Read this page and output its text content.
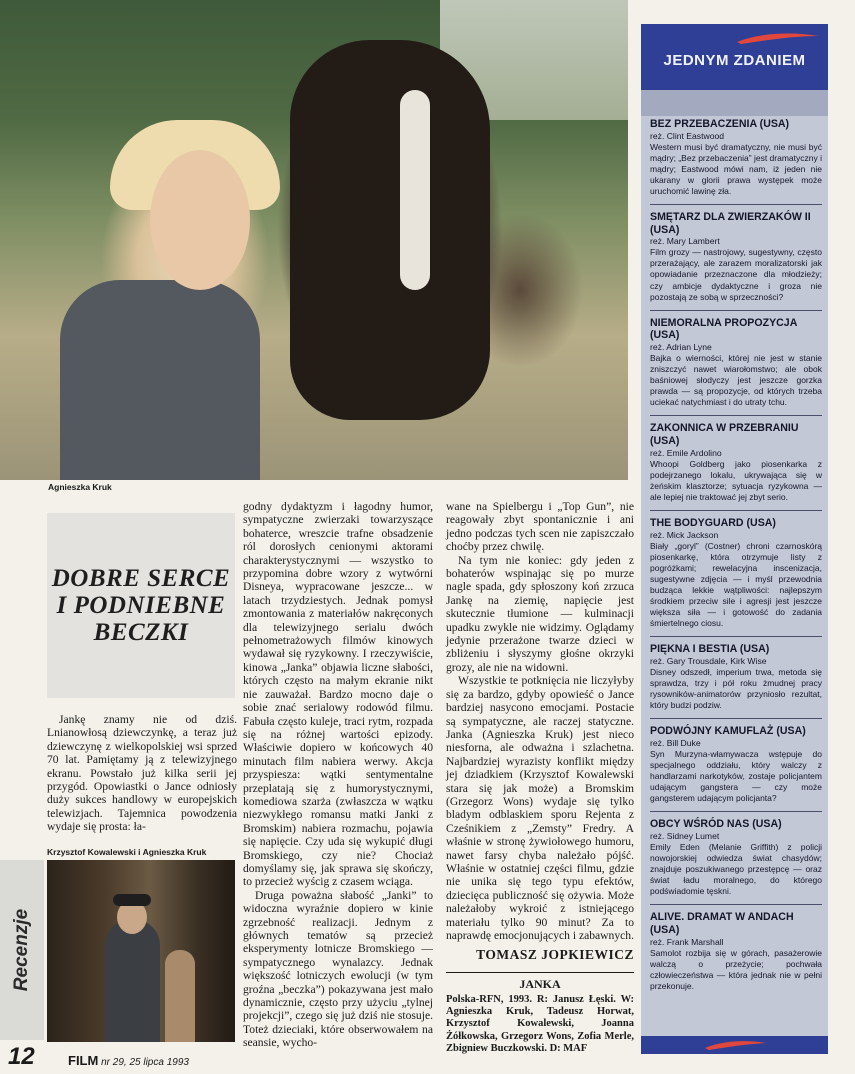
Agnieszka Kruk
DOBRE SERCE
I PODNIEBNE
BECZKI

Jankę znamy nie od dziś. Lnianowłosą dziewczynkę, a teraz już dziewczynę z wielkopolskiej wsi sprzed 70 lat. Pamiętamy ją z telewizyjnego ekranu. Powstało już kilka serii jej przygód. Opowiastki o Jance odniosły duży sukces handlowy w europejskich telewizjach. Tajemnica powodzenia wydaje się prosta: ła-

Krzysztof Kowalewski i Agnieszka Kruk
Recenzje

godny dydaktyzm i łagodny humor, sympatyczne zwierzaki towarzyszące bohaterce, wreszcie trafne obsadzenie ról dorosłych cenionymi aktorami charakterystycznymi — wszystko to przypomina dobre wzory z wytwórni Disneya, wypracowane jeszcze... w latach trzydziestych. Jednak pomysł zmontowania z materiałów nakręconych dla telewizyjnego serialu dwóch pełnometrażowych filmów kinowych wydawał się ryzykowny. I rzeczywiście, kinowa „Janka” objawia liczne słabości, których często na małym ekranie nikt nie zauważał. Bardzo mocno daje o sobie znać serialowy rodowód filmu. Fabuła często kuleje, traci rytm, rozpada się na różnej wartości epizody. Właściwie dopiero w końcowych 40 minutach film nabiera werwy. Akcja przyspiesza: wątki sentymentalne przeplatają się z humorystycznymi, komediowa szarża (zwłaszcza w wątku niezwykłego romansu matki Janki z Bromskim) nabiera rozmachu, pojawia się napięcie. Czy uda się wykupić długi Bromskiego, czy nie? Chociaż domyślamy się, jak sprawa się skończy, to przecież wyścig z czasem wciąga.

Druga poważna słabość „Janki” to widoczna wyraźnie dopiero w kinie zgrzebność realizacji. Jednym z głównych tematów są przecież eksperymenty lotnicze Bromskiego — sympatycznego wynalazcy. Jednak większość lotniczych ewolucji (w tym groźna „beczka”) pokazywana jest mało dynamicznie, często przy użyciu „tylnej projekcji”, czego się już dziś nie stosuje. Toteż dzieciaki, które obserwowałem na seansie, wycho-

wane na Spielbergu i „Top Gun”, nie reagowały zbyt spontanicznie i ani jedno podczas tych scen nie zapiszczało choćby przez chwilę.

Na tym nie koniec: gdy jeden z bohaterów wspinając się po murze nagle spada, gdy spłoszony koń zrzuca Jankę na ziemię, napięcie jest skutecznie tłumione — kulminacji upadku zwykle nie widzimy. Oglądamy jedynie przerażone twarze dzieci w zbliżeniu i słyszymy głośne okrzyki grozy, ale nie na widowni.

Wszystkie te potknięcia nie liczyłyby się za bardzo, gdyby opowieść o Jance bardziej nasycono emocjami. Postacie są sympatyczne, ale raczej statyczne. Janka (Agnieszka Kruk) jest nieco niesforna, ale odważna i szlachetna. Najbardziej wyrazisty konflikt między jej dziadkiem (Krzysztof Kowalewski stara się jak może) a Bromskim (Grzegorz Wons) wydaje się tylko bladym odblaskiem sporu Rejenta z Cześnikiem z „Zemsty” Fredry. A właśnie w stronę żywiołowego humoru, nawet farsy chyba należało pójść. Właśnie w ostatniej części filmu, gdzie nie unika się tego typu efektów, dziecięca publiczność się ożywia. Może należałoby wykroić z istniejącego materiału tylko 90 minut? Za to naprawdę emocjonujących i zabawnych.

TOMASZ JOPKIEWICZ
JANKA

Polska-RFN, 1993. R: Janusz Łęski. W: Agnieszka Kruk, Tadeusz Horwat, Krzysztof Kowalewski, Joanna Żółkowska, Grzegorz Wons, Zofia Merle, Zbigniew Buczkowski. D: MAF

12	FILM nr 29, 25 lipca 1993
JEDNYM ZDANIEM

BEZ PRZEBACZENIA (USA)

reż. Clint Eastwood

Western musi być dramatyczny, nie musi być mądry; „Bez przebaczenia” jest dramatyczny i mądry; Eastwood mówi nam, iż jeden nie ukarany w glorii prawa występek może uruchomić lawinę zła.

SMĘTARZ DLA ZWIERZAKÓW II (USA)

reż. Mary Lambert

Film grozy — nastrojowy, sugestywny, często przerażający, ale zarazem moralizatorski jak opowiadanie przeznaczone dla młodzieży; czy ambicje dydaktyczne i groza nie pozostają ze sobą w sprzeczności?

NIEMORALNA PROPOZYCJA (USA)

reż. Adrian Lyne

Bajka o wierności, której nie jest w stanie zniszczyć nawet wiarołomstwo; ale obok baśniowej słodyczy jest jeszcze gorzka prawda — są propozycje, od których trzeba uciekać natychmiast i do utraty tchu.

ZAKONNICA W PRZEBRANIU (USA)

reż. Emile Ardolino

Whoopi Goldberg jako piosenkarka z podejrzanego lokalu, ukrywająca się w żeńskim klasztorze; sytuacja ryzykowna — ale lepiej nie traktować jej zbyt serio.

THE BODYGUARD (USA)

reż. Mick Jackson

Biały „goryl” (Costner) chroni czarnoskórą piosenkarkę, która otrzymuje listy z pogróżkami; rewelacyjna inscenizacja, sugestywne zdjęcia — i myśl przewodnia budząca lekkie wątpliwości: najlepszym środkiem przeciw sile i agresji jest jeszcze większa siła — i gotowość do zadania śmiertelnego ciosu.

PIĘKNA I BESTIA (USA)

reż. Gary Trousdale, Kirk Wise

Disney odszedł, imperium trwa, metoda się sprawdza, trzy i pół roku żmudnej pracy rysowników-animatorów przyniosło rezultat, który budzi podziw.

PODWÓJNY KAMUFLAŻ (USA)

reż. Bill Duke

Syn Murzyna-włamywacza wstępuje do specjalnego oddziału, który walczy z handlarzami narkotyków, zostaje policjantem udającym gangstera — czy może gangsterem udającym policjanta?

OBCY WŚRÓD NAS (USA)

reż. Sidney Lumet

Emily Eden (Melanie Griffith) z policji nowojorskiej odwiedza świat chasydów; znajduje poszukiwanego przestępcę — oraz świat ładu moralnego, do którego podświadomie tęskni.

ALIVE. DRAMAT W ANDACH (USA)

reż. Frank Marshall

Samolot rozbija się w górach, pasażerowie walczą o przeżycie; pochwała człowieczeństwa — która jednak nie w pełni przekonuje.
